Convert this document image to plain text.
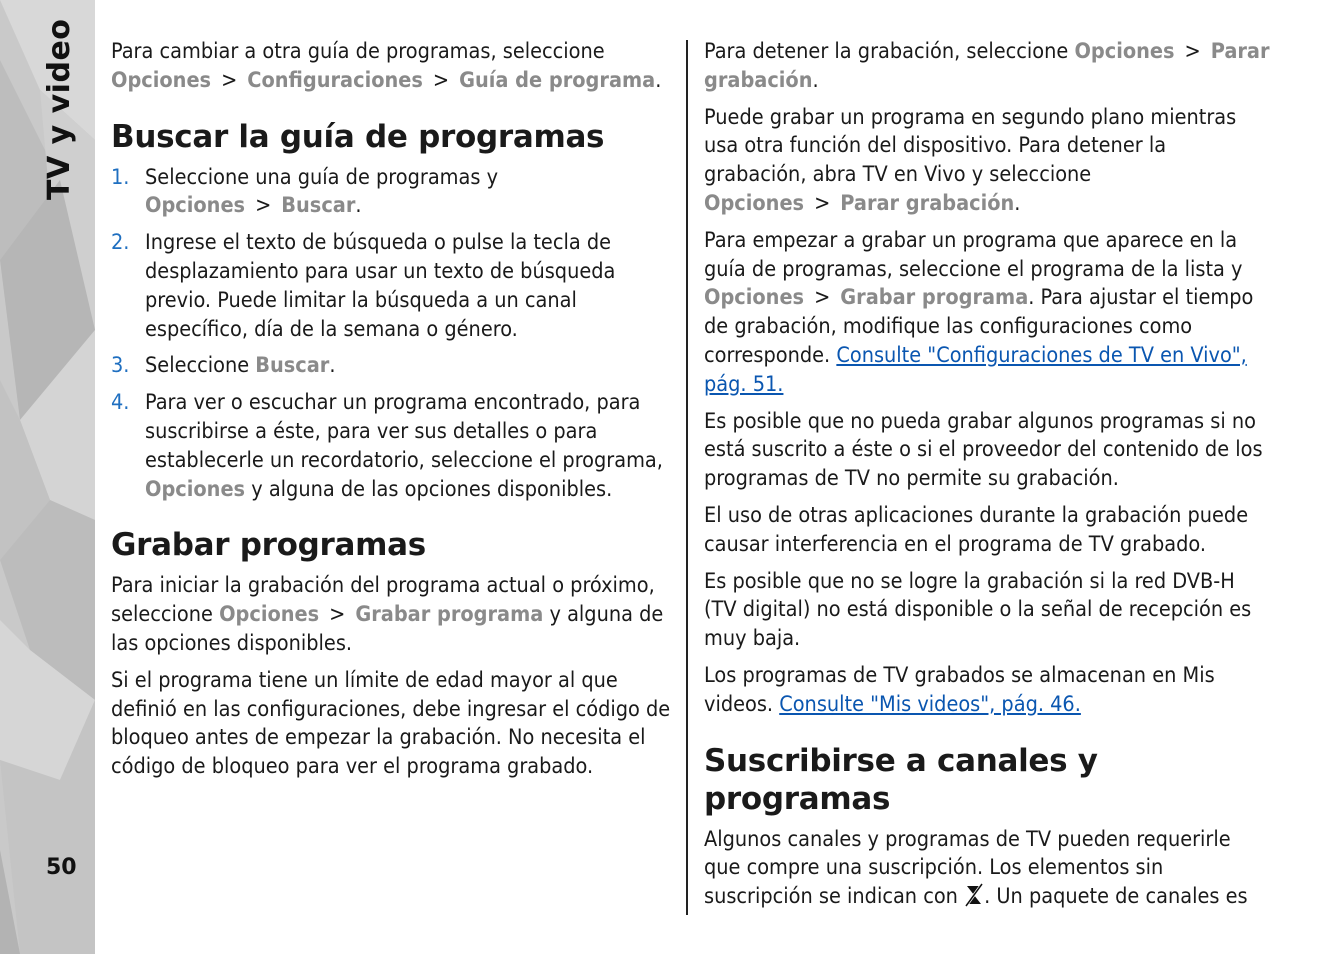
TV y video
50

Para cambiar a otra guía de programas, seleccione Opciones > Configuraciones > Guía de programa.

Buscar la guía de programas
1. Seleccione una guía de programas y Opciones > Buscar.
2. Ingrese el texto de búsqueda o pulse la tecla de desplazamiento para usar un texto de búsqueda previo. Puede limitar la búsqueda a un canal específico, día de la semana o género.
3. Seleccione Buscar.
4. Para ver o escuchar un programa encontrado, para suscribirse a éste, para ver sus detalles o para establecerle un recordatorio, seleccione el programa, Opciones y alguna de las opciones disponibles.
Grabar programas

Para iniciar la grabación del programa actual o próximo, seleccione Opciones > Grabar programa y alguna de las opciones disponibles.

Si el programa tiene un límite de edad mayor al que definió en las configuraciones, debe ingresar el código de bloqueo antes de empezar la grabación. No necesita el código de bloqueo para ver el programa grabado.

Para detener la grabación, seleccione Opciones > Parar grabación.

Puede grabar un programa en segundo plano mientras usa otra función del dispositivo. Para detener la grabación, abra TV en Vivo y seleccione Opciones > Parar grabación.

Para empezar a grabar un programa que aparece en la guía de programas, seleccione el programa de la lista y Opciones > Grabar programa. Para ajustar el tiempo de grabación, modifique las configuraciones como corresponde. Consulte "Configuraciones de TV en Vivo", pág. 51.

Es posible que no pueda grabar algunos programas si no está suscrito a éste o si el proveedor del contenido de los programas de TV no permite su grabación.

El uso de otras aplicaciones durante la grabación puede causar interferencia en el programa de TV grabado.

Es posible que no se logre la grabación si la red DVB-H (TV digital) no está disponible o la señal de recepción es muy baja.

Los programas de TV grabados se almacenan en Mis videos. Consulte "Mis videos", pág. 46.

Suscribirse a canales y programas

Algunos canales y programas de TV pueden requerirle que compre una suscripción. Los elementos sin suscripción se indican con . Un paquete de canales es
